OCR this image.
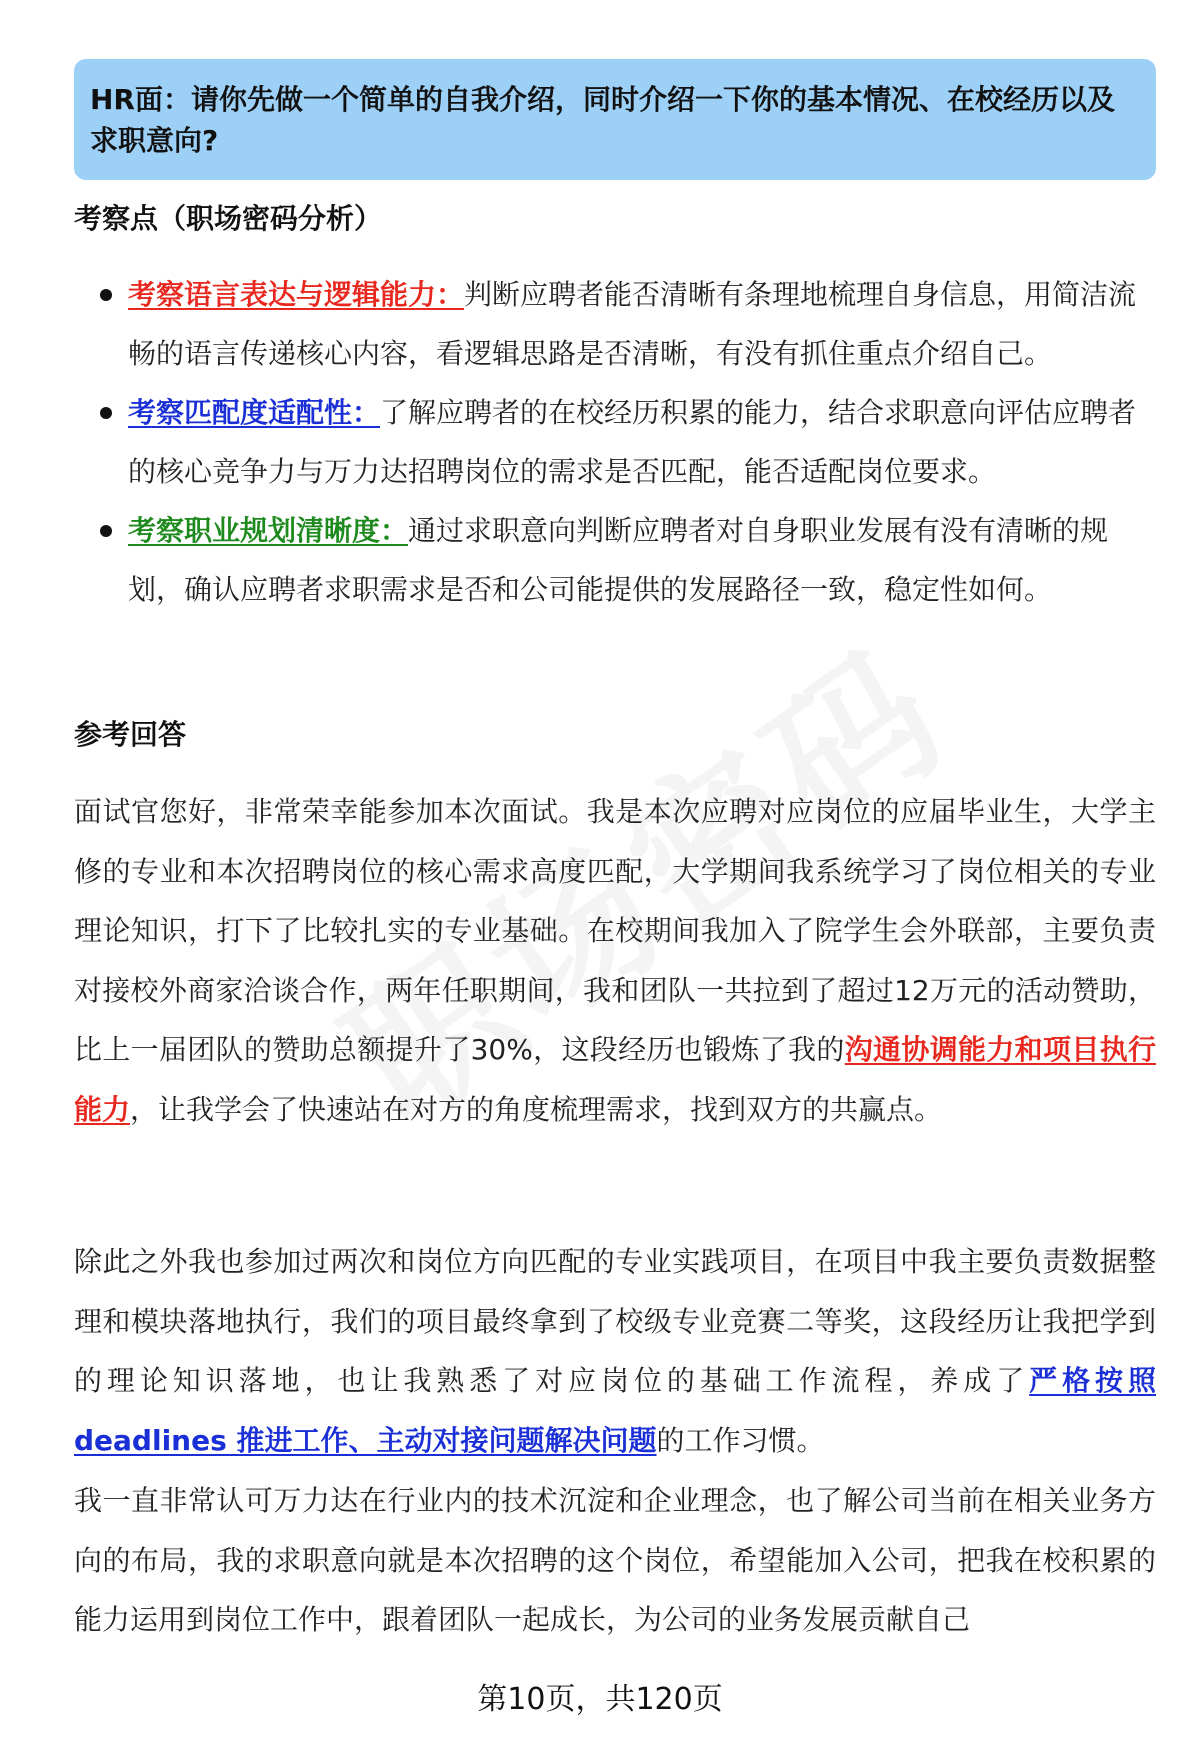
HR面：请你先做一个简单的自我介绍，同时介绍一下你的基本情况、在校经历以及求职意向?
考察点（职场密码分析）
考察语言表达与逻辑能力：判断应聘者能否清晰有条理地梳理自身信息，用简洁流畅的语言传递核心内容，看逻辑思路是否清晰，有没有抓住重点介绍自己。
考察匹配度适配性：了解应聘者的在校经历积累的能力，结合求职意向评估应聘者的核心竞争力与万力达招聘岗位的需求是否匹配，能否适配岗位要求。
考察职业规划清晰度：通过求职意向判断应聘者对自身职业发展有没有清晰的规划，确认应聘者求职需求是否和公司能提供的发展路径一致，稳定性如何。
参考回答

面试官您好，非常荣幸能参加本次面试。我是本次应聘对应岗位的应届毕业生，大学主修的专业和本次招聘岗位的核心需求高度匹配，大学期间我系统学习了岗位相关的专业理论知识，打下了比较扎实的专业基础。在校期间我加入了院学生会外联部，主要负责对接校外商家洽谈合作，两年任职期间，我和团队一共拉到了超过12万元的活动赞助，比上一届团队的赞助总额提升了30%，这段经历也锻炼了我的沟通协调能力和项目执行能力，让我学会了快速站在对方的角度梳理需求，找到双方的共赢点。

除此之外我也参加过两次和岗位方向匹配的专业实践项目，在项目中我主要负责数据整理和模块落地执行，我们的项目最终拿到了校级专业竞赛二等奖，这段经历让我把学到的理论知识落地，也让我熟悉了对应岗位的基础工作流程，养成了严格按照 deadlines 推进工作、主动对接问题解决问题的工作习惯。

我一直非常认可万力达在行业内的技术沉淀和企业理念，也了解公司当前在相关业务方向的布局，我的求职意向就是本次招聘的这个岗位，希望能加入公司，把我在校积累的能力运用到岗位工作中，跟着团队一起成长，为公司的业务发展贡献自己

第10页，共120页
